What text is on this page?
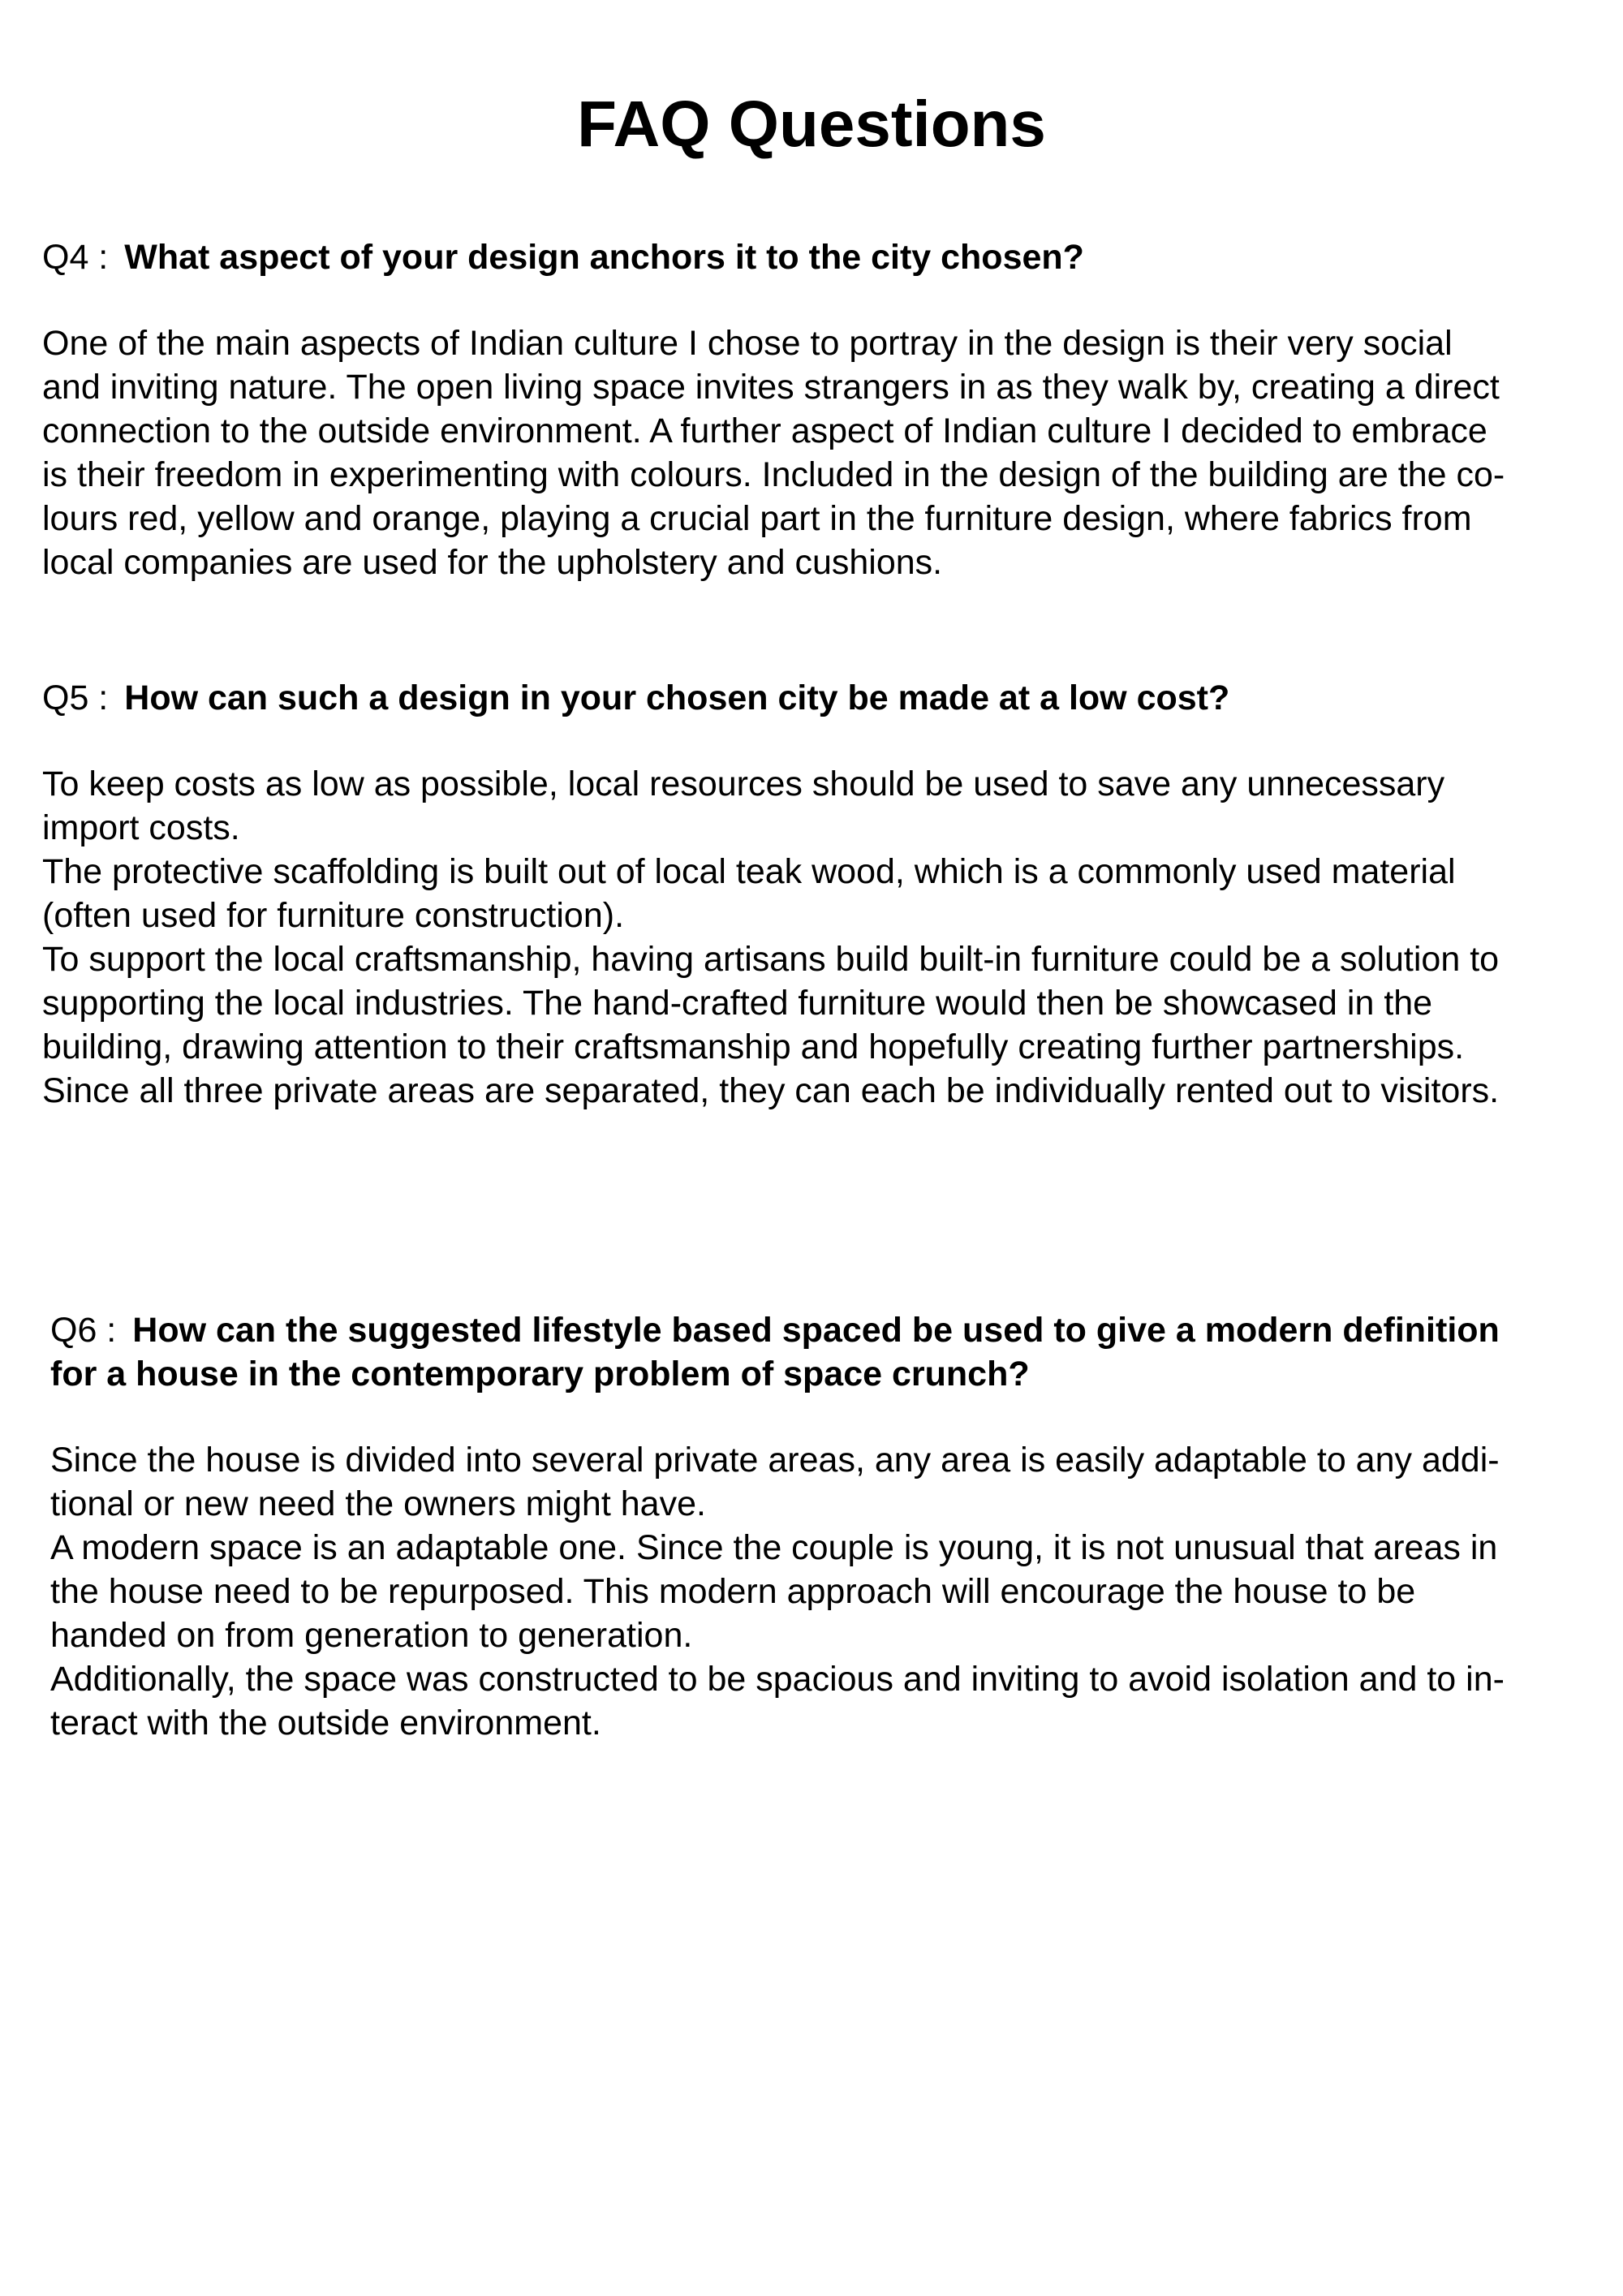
FAQ Questions

Q4 : What aspect of your design anchors it to the city chosen?

One of the main aspects of Indian culture I chose to portray in the design is their very social
and inviting nature. The open living space invites strangers in as they walk by, creating a direct
connection to the outside environment. A further aspect of Indian culture I decided to embrace
is their freedom in experimenting with colours. Included in the design of the building are the co-
lours red, yellow and orange, playing a crucial part in the furniture design, where fabrics from
local companies are used for the upholstery and cushions.

Q5 : How can such a design in your chosen city be made at a low cost?

To keep costs as low as possible, local resources should be used to save any unnecessary
import costs.
The protective scaffolding is built out of local teak wood, which is a commonly used material
(often used for furniture construction).
To support the local craftsmanship, having artisans build built-in furniture could be a solution to
supporting the local industries. The hand-crafted furniture would then be showcased in the
building, drawing attention to their craftsmanship and hopefully creating further partnerships.
Since all three private areas are separated, they can each be individually rented out to visitors.

Q6 : How can the suggested lifestyle based spaced be used to give a modern definition
for a house in the contemporary problem of space crunch?

Since the house is divided into several private areas, any area is easily adaptable to any addi-
tional or new need the owners might have.
A modern space is an adaptable one. Since the couple is young, it is not unusual that areas in
the house need to be repurposed. This modern approach will encourage the house to be
handed on from generation to generation.
Additionally, the space was constructed to be spacious and inviting to avoid isolation and to in-
teract with the outside environment.
